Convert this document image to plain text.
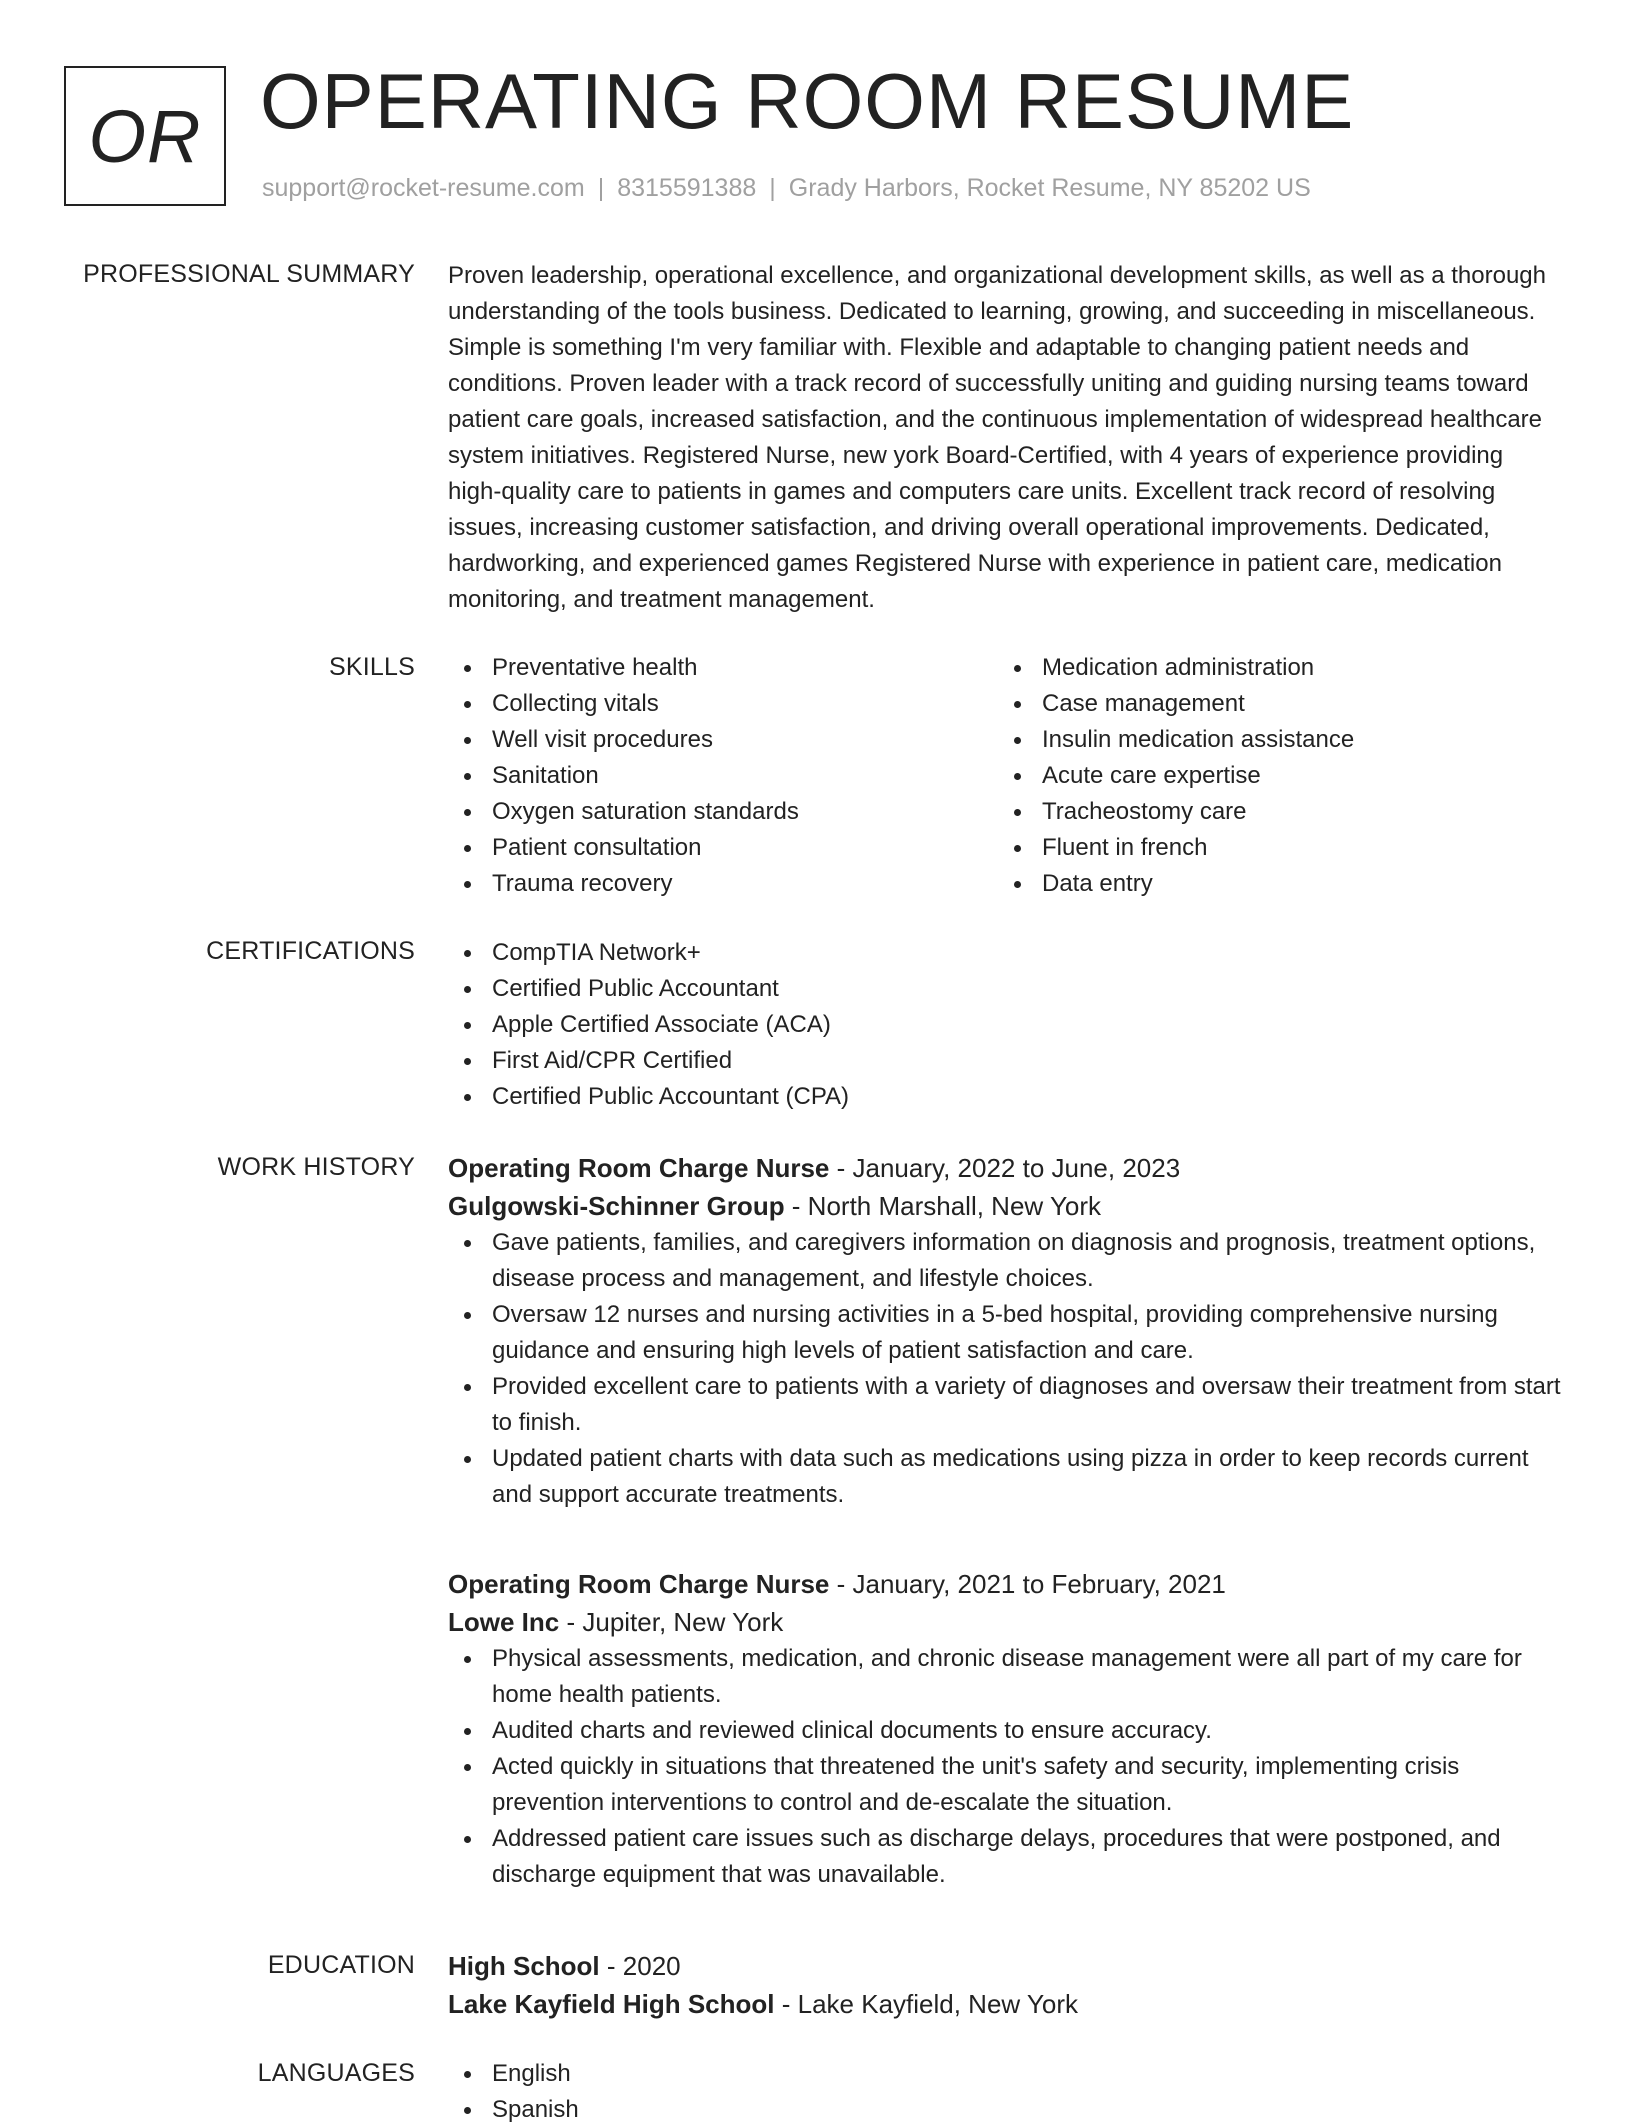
OR OPERATING ROOM RESUME
support@rocket-resume.com | 8315591388 | Grady Harbors, Rocket Resume, NY 85202 US
PROFESSIONAL SUMMARY Proven leadership, operational excellence, and organizational development skills, as well as a thorough understanding of the tools business. Dedicated to learning, growing, and succeeding in miscellaneous. Simple is something I'm very familiar with. Flexible and adaptable to changing patient needs and conditions. Proven leader with a track record of successfully uniting and guiding nursing teams toward patient care goals, increased satisfaction, and the continuous implementation of widespread healthcare system initiatives. Registered Nurse, new york Board-Certified, with 4 years of experience providing high-quality care to patients in games and computers care units. Excellent track record of resolving issues, increasing customer satisfaction, and driving overall operational improvements. Dedicated, hardworking, and experienced games Registered Nurse with experience in patient care, medication monitoring, and treatment management.

SKILLS	Preventative health
Collecting vitals
Well visit procedures
Sanitation
Oxygen saturation standards
Patient consultation
Trauma recovery
Medication administration
Case management
Insulin medication assistance
Acute care expertise
Tracheostomy care
Fluent in french
Data entry
CERTIFICATIONS	CompTIA Network+
Certified Public Accountant
Apple Certified Associate (ACA)
First Aid/CPR Certified
Certified Public Accountant (CPA)
WORK HISTORY Operating Room Charge Nurse - January, 2022 to June, 2023
Gulgowski-Schinner Group - North Marshall, New York
Gave patients, families, and caregivers information on diagnosis and prognosis, treatment options, disease process and management, and lifestyle choices.
Oversaw 12 nurses and nursing activities in a 5-bed hospital, providing comprehensive nursing guidance and ensuring high levels of patient satisfaction and care.
Provided excellent care to patients with a variety of diagnoses and oversaw their treatment from start to finish.
Updated patient charts with data such as medications using pizza in order to keep records current and support accurate treatments.
Operating Room Charge Nurse - January, 2021 to February, 2021
Lowe Inc - Jupiter, New York
Physical assessments, medication, and chronic disease management were all part of my care for home health patients.
Audited charts and reviewed clinical documents to ensure accuracy.
Acted quickly in situations that threatened the unit's safety and security, implementing crisis prevention interventions to control and de-escalate the situation.
Addressed patient care issues such as discharge delays, procedures that were postponed, and discharge equipment that was unavailable.
EDUCATION High School - 2020
Lake Kayfield High School - Lake Kayfield, New York
LANGUAGES	English
Spanish
